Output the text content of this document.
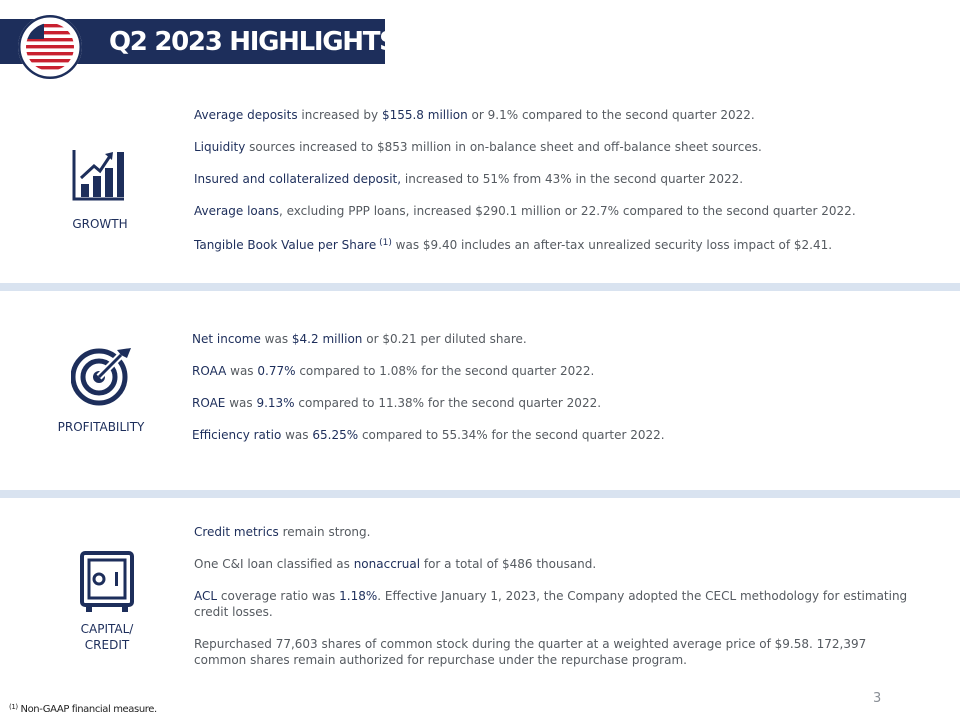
Q2 2023 HIGHLIGHTS
GROWTH
Average deposits increased by $155.8 million or 9.1% compared to the second quarter 2022.
Liquidity sources increased to $853 million in on-balance sheet and off-balance sheet sources.
Insured and collateralized deposit, increased to 51% from 43% in the second quarter 2022.
Average loans, excluding PPP loans, increased $290.1 million or 22.7% compared to the second quarter 2022.
Tangible Book Value per Share $^{(1)}$ was $9.40 includes an after-tax unrealized security loss impact of $2.41.
PROFITABILITY
Net income was $4.2 million or $0.21 per diluted share.
ROAA was 0.77% compared to 1.08% for the second quarter 2022.
ROAE was 9.13% compared to 11.38% for the second quarter 2022.
Efficiency ratio was 65.25% compared to 55.34% for the second quarter 2022.
CAPITAL/
CREDIT
Credit metrics remain strong.
One C&I loan classified as nonaccrual for a total of $486 thousand.
ACL coverage ratio was 1.18%. Effective January 1, 2023, the Company adopted the CECL methodology for estimating credit losses.
Repurchased 77,603 shares of common stock during the quarter at a weighted average price of $9.58. 172,397 common shares remain authorized for repurchase under the repurchase program.
3
$^{(1)}$ Non-GAAP financial measure.
